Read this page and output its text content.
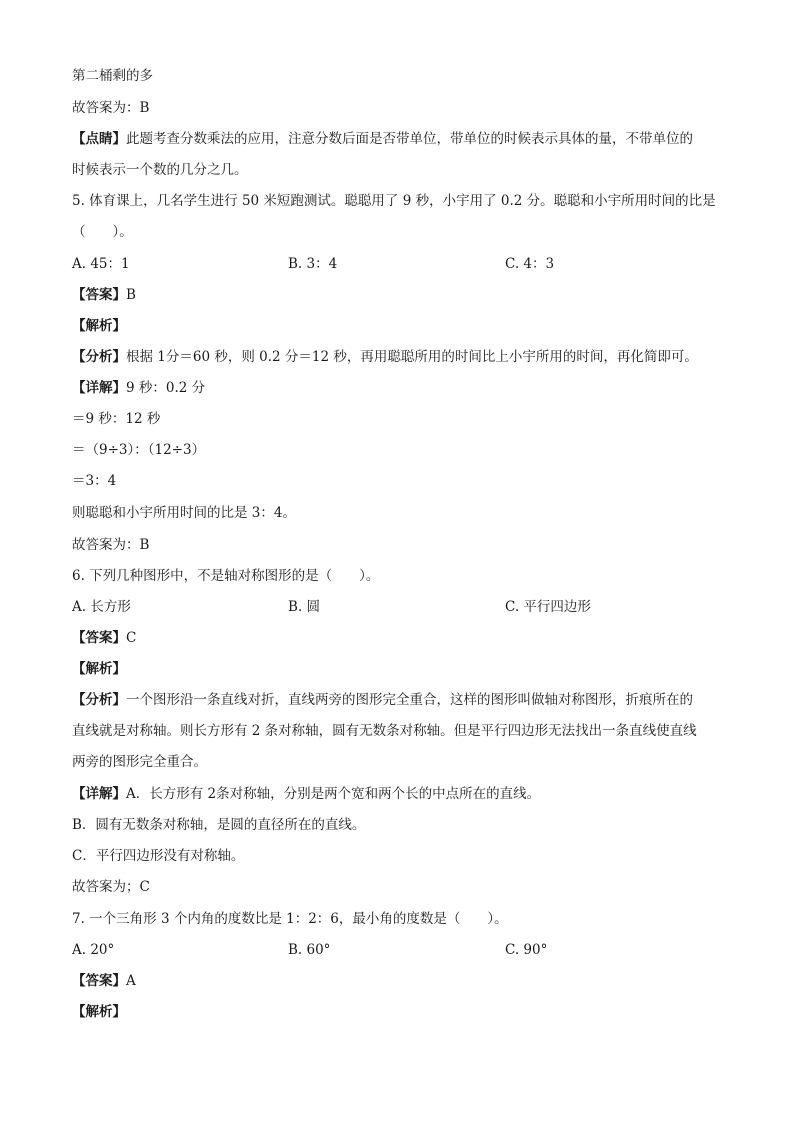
第二桶剩的多
故答案为：B
【点睛】此题考查分数乘法的应用，注意分数后面是否带单位，带单位的时候表示具体的量，不带单位的
时候表示一个数的几分之几。
5. 体育课上，几名学生进行 50 米短跑测试。聪聪用了 9 秒，小宇用了 0.2 分。聪聪和小宇所用时间的比是
（　　）。
A. 45：1	B. 3：4	C. 4：3
【答案】B
【解析】
【分析】根据 1分＝60 秒，则 0.2 分＝12 秒，再用聪聪所用的时间比上小宇所用的时间，再化简即可。
【详解】9 秒：0.2 分
＝9 秒：12 秒
＝（9÷3）：（12÷3）
＝3：4
则聪聪和小宇所用时间的比是 3：4。
故答案为：B
6. 下列几种图形中，不是轴对称图形的是（　　）。
A. 长方形	B. 圆	C. 平行四边形
【答案】C
【解析】
【分析】一个图形沿一条直线对折，直线两旁的图形完全重合，这样的图形叫做轴对称图形，折痕所在的
直线就是对称轴。则长方形有 2 条对称轴，圆有无数条对称轴。但是平行四边形无法找出一条直线使直线
两旁的图形完全重合。
【详解】A．长方形有 2条对称轴，分别是两个宽和两个长的中点所在的直线。
B．圆有无数条对称轴，是圆的直径所在的直线。
C．平行四边形没有对称轴。
故答案为；C
7. 一个三角形 3 个内角的度数比是 1：2：6，最小角的度数是（　　）。
A. 20°	B. 60°	C. 90°
【答案】A
【解析】
